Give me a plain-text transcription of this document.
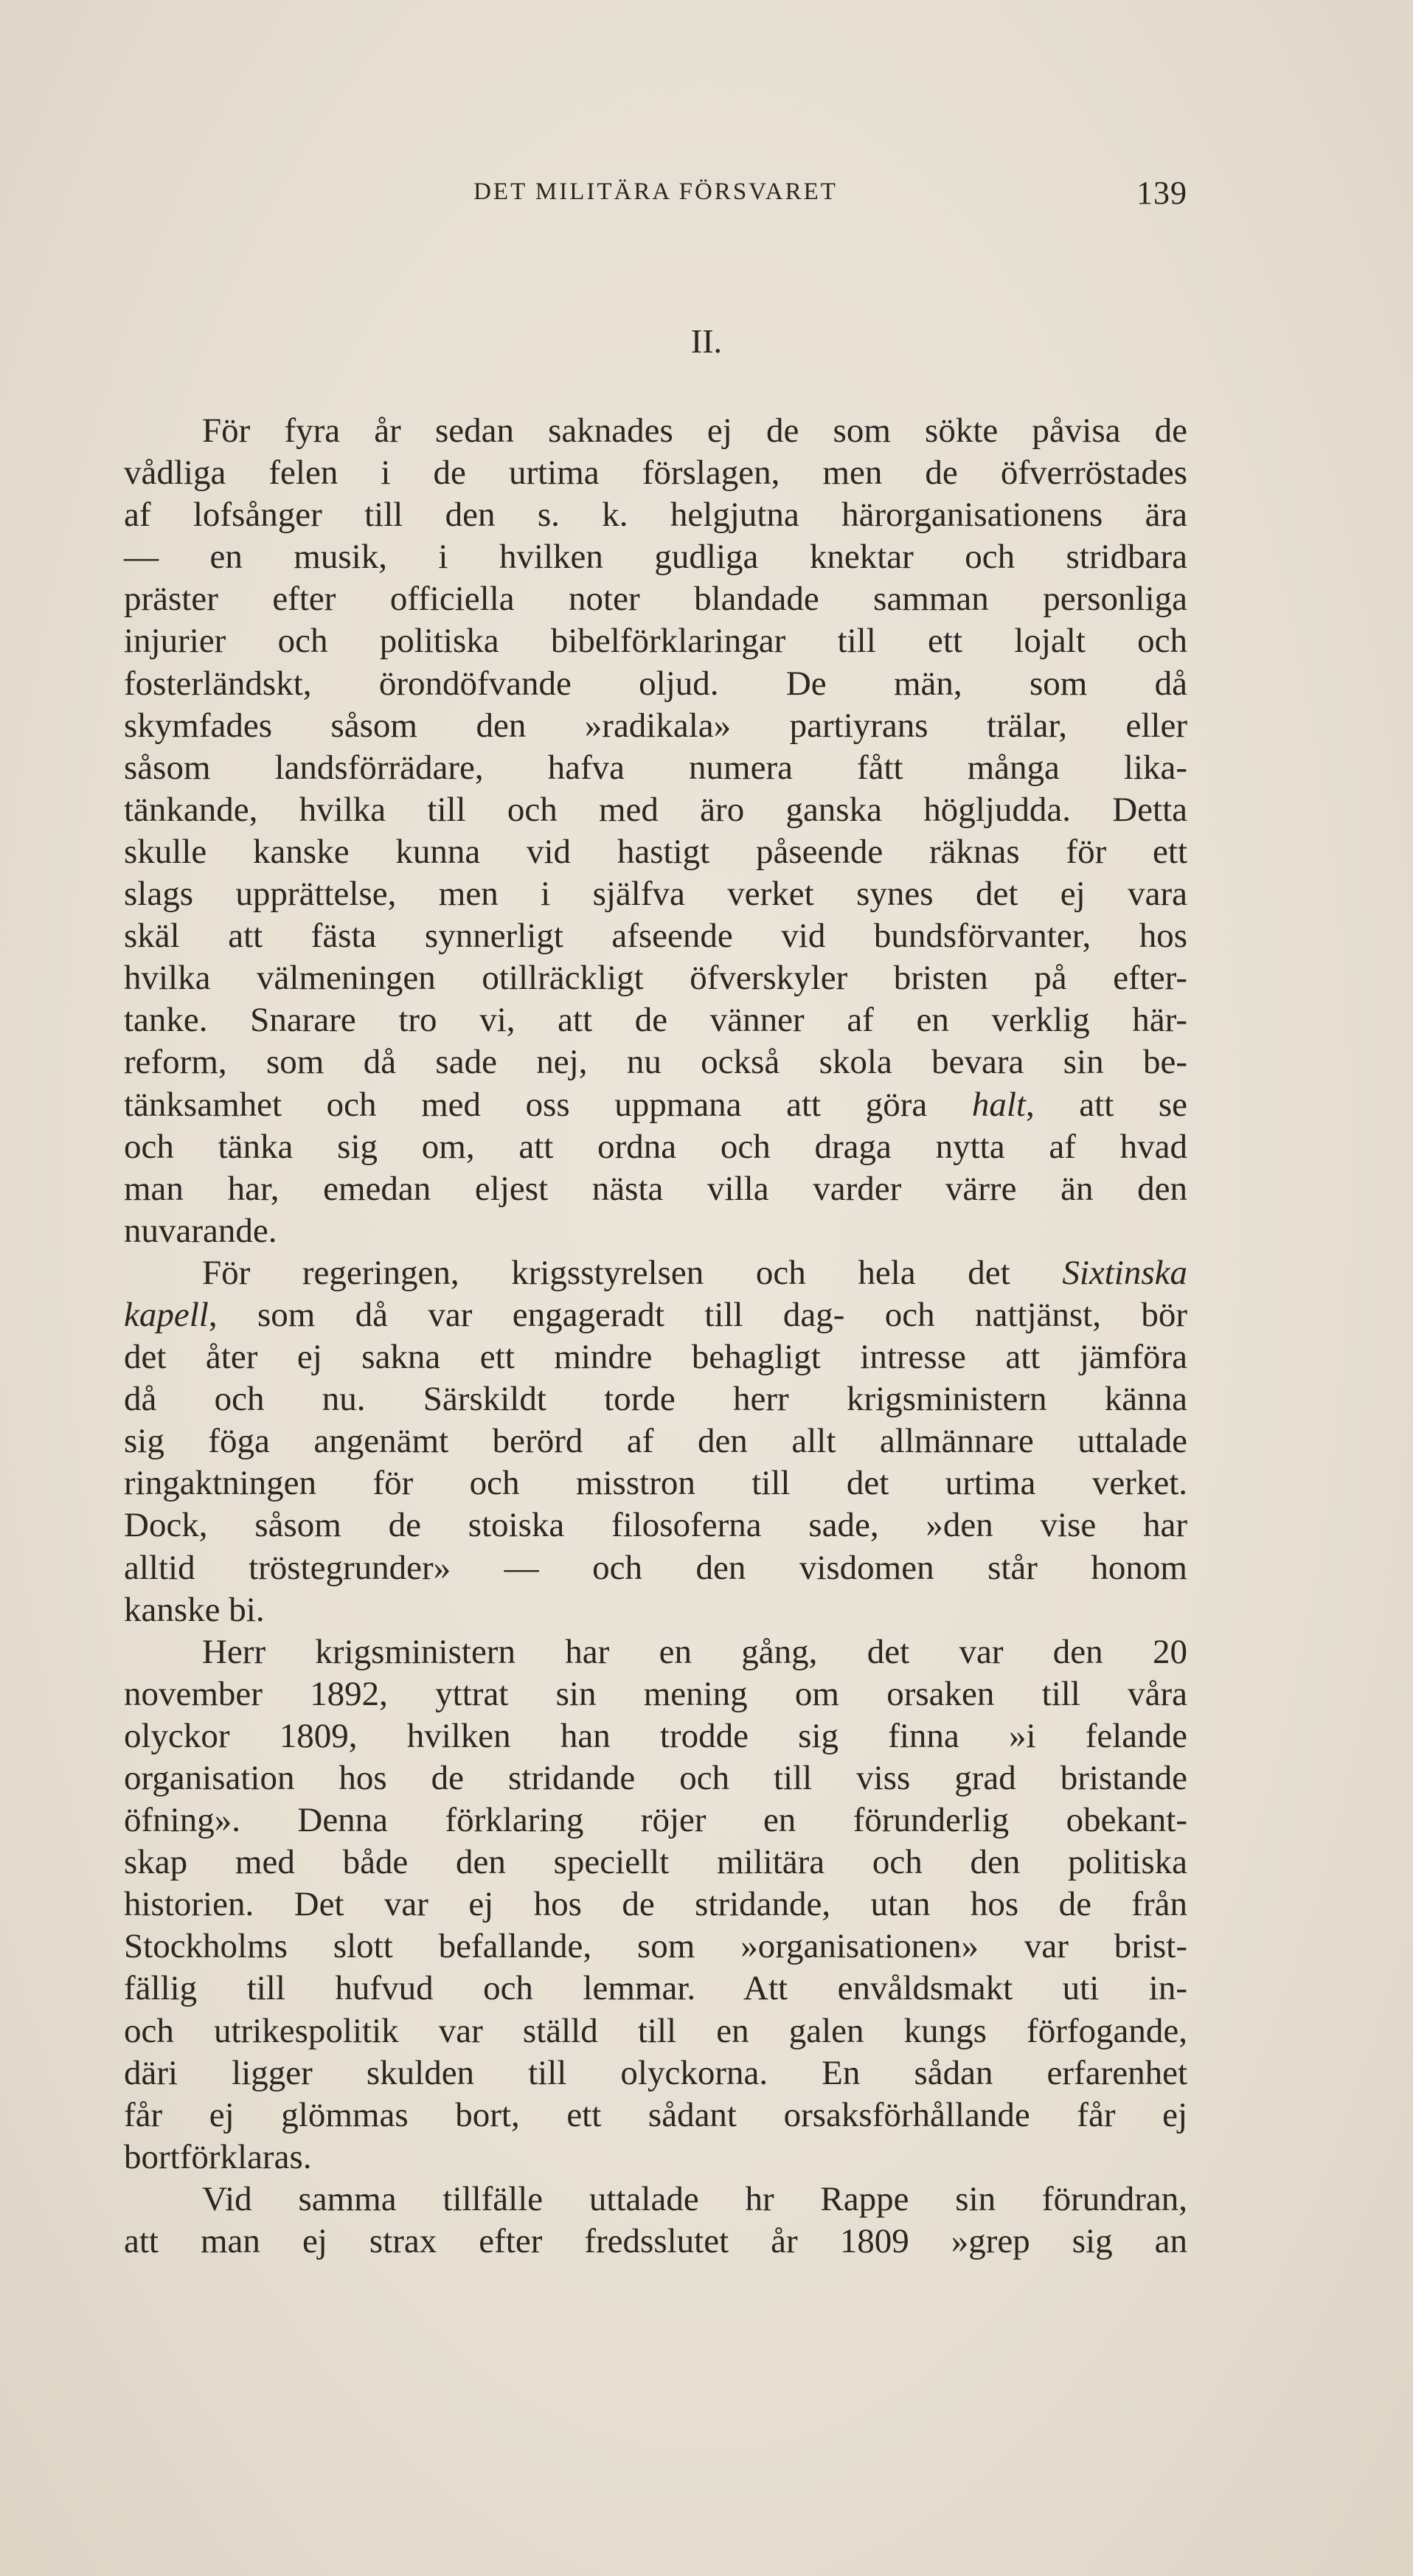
DET MILITÄRA FÖRSVARET	139
II.
För fyra år sedan saknades ej de som sökte påvisa de
vådliga felen i de urtima förslagen, men de öfverröstades
af lofsånger till den s. k. helgjutna härorganisationens ära
— en musik, i hvilken gudliga knektar och stridbara
präster efter officiella noter blandade samman personliga
injurier och politiska bibelförklaringar till ett lojalt och
fosterländskt, örondöfvande oljud. De män, som då
skymfades såsom den »radikala» partiyrans trälar, eller
såsom landsförrädare, hafva numera fått många lika-
tänkande, hvilka till och med äro ganska högljudda. Detta
skulle kanske kunna vid hastigt påseende räknas för ett
slags upprättelse, men i själfva verket synes det ej vara
skäl att fästa synnerligt afseende vid bundsförvanter, hos
hvilka välmeningen otillräckligt öfverskyler bristen på efter-
tanke. Snarare tro vi, att de vänner af en verklig här-
reform, som då sade nej, nu också skola bevara sin be-
tänksamhet och med oss uppmana att göra halt, att se
och tänka sig om, att ordna och draga nytta af hvad
man har, emedan eljest nästa villa varder värre än den
nuvarande.
För regeringen, krigsstyrelsen och hela det Sixtinska
kapell, som då var engageradt till dag- och nattjänst, bör
det åter ej sakna ett mindre behagligt intresse att jämföra
då och nu. Särskildt torde herr krigsministern känna
sig föga angenämt berörd af den allt allmännare uttalade
ringaktningen för och misstron till det urtima verket.
Dock, såsom de stoiska filosoferna sade, »den vise har
alltid tröstegrunder» — och den visdomen står honom
kanske bi.
Herr krigsministern har en gång, det var den 20
november 1892, yttrat sin mening om orsaken till våra
olyckor 1809, hvilken han trodde sig finna »i felande
organisation hos de stridande och till viss grad bristande
öfning». Denna förklaring röjer en förunderlig obekant-
skap med både den speciellt militära och den politiska
historien. Det var ej hos de stridande, utan hos de från
Stockholms slott befallande, som »organisationen» var brist-
fällig till hufvud och lemmar. Att envåldsmakt uti in-
och utrikespolitik var ställd till en galen kungs förfogande,
däri ligger skulden till olyckorna. En sådan erfarenhet
får ej glömmas bort, ett sådant orsaksförhållande får ej
bortförklaras.
Vid samma tillfälle uttalade hr Rappe sin förundran,
att man ej strax efter fredsslutet år 1809 »grep sig an
